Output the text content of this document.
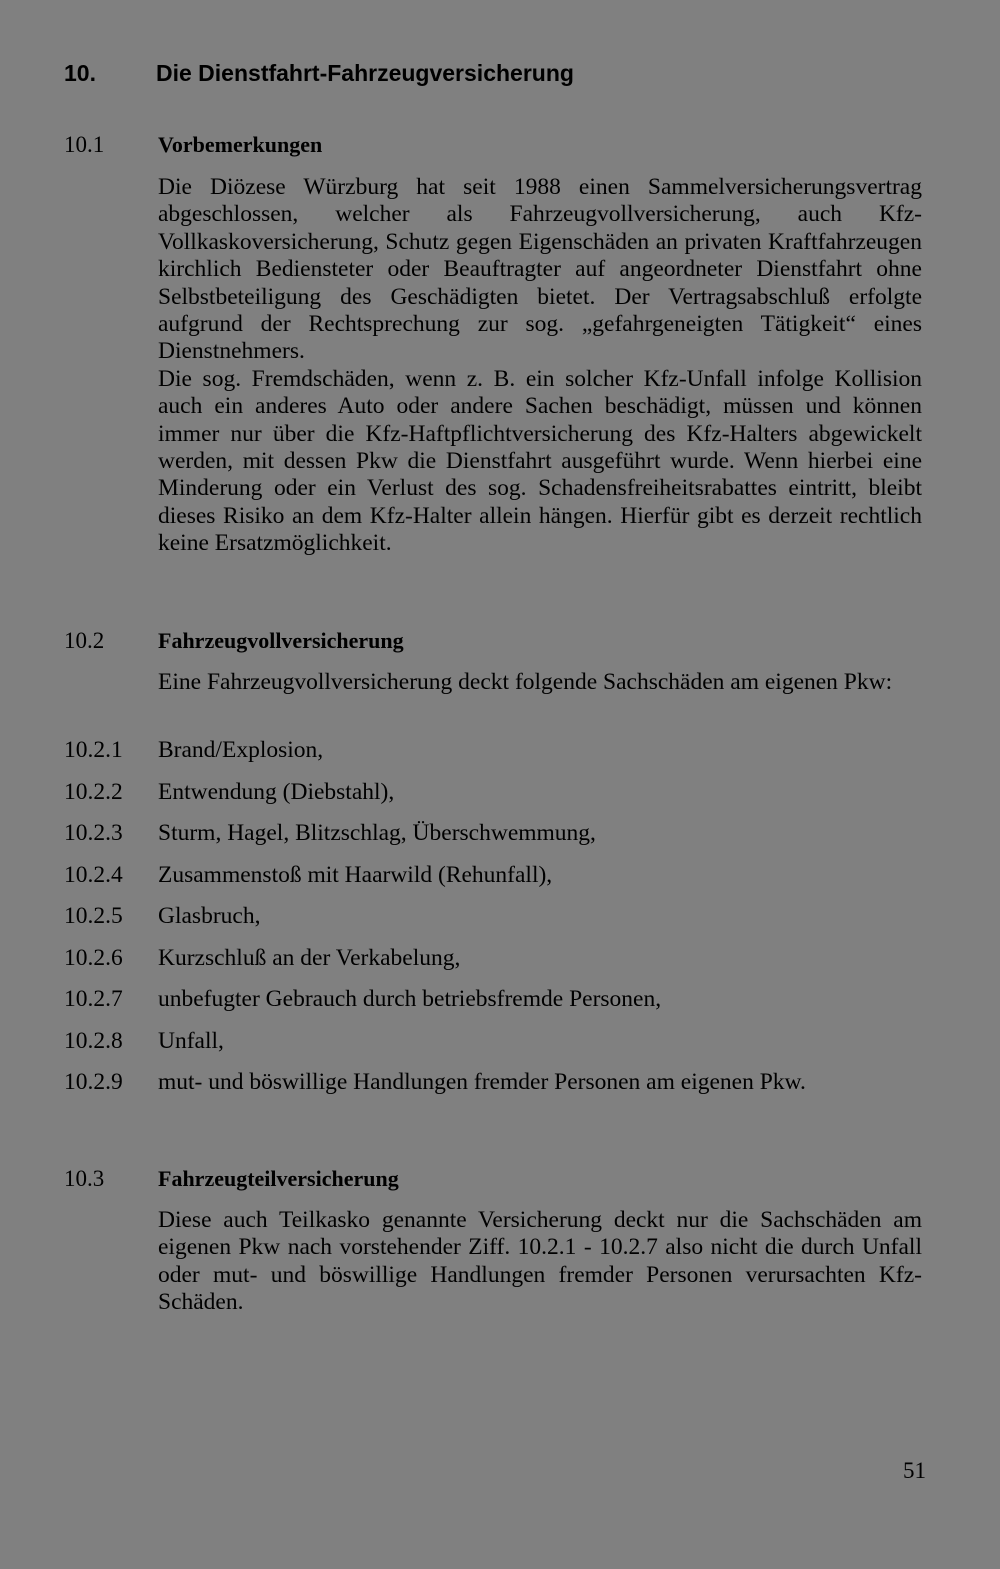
10.	Die Dienstfahrt-Fahrzeugversicherung
10.1 Vorbemerkungen

Die Diözese Würzburg hat seit 1988 einen Sammelversicherungsvertrag abgeschlossen, welcher als Fahrzeugvollversicherung, auch Kfz-Vollkaskoversicherung, Schutz gegen Eigenschäden an privaten Kraftfahrzeugen kirchlich Bediensteter oder Beauftragter auf angeordneter Dienstfahrt ohne Selbstbeteiligung des Geschädigten bietet. Der Vertragsabschluß erfolgte aufgrund der Rechtsprechung zur sog. „gefahrgeneigten Tätigkeit“ eines Dienstnehmers.

Die sog. Fremdschäden, wenn z. B. ein solcher Kfz-Unfall infolge Kollision auch ein anderes Auto oder andere Sachen beschädigt, müssen und können immer nur über die Kfz-Haftpflichtversicherung des Kfz-Halters abgewickelt werden, mit dessen Pkw die Dienstfahrt ausgeführt wurde. Wenn hierbei eine Minderung oder ein Verlust des sog. Schadensfreiheitsrabattes eintritt, bleibt dieses Risiko an dem Kfz-Halter allein hängen. Hierfür gibt es derzeit rechtlich keine Ersatzmöglichkeit.

10.2 Fahrzeugvollversicherung
Eine Fahrzeugvollversicherung deckt folgende Sachschäden am eigenen Pkw:
10.2.1 Brand/Explosion,
10.2.2 Entwendung (Diebstahl),
10.2.3 Sturm, Hagel, Blitzschlag, Überschwemmung,
10.2.4 Zusammenstoß mit Haarwild (Rehunfall),
10.2.5 Glasbruch,
10.2.6 Kurzschluß an der Verkabelung,
10.2.7 unbefugter Gebrauch durch betriebsfremde Personen,
10.2.8 Unfall,
10.2.9 mut- und böswillige Handlungen fremder Personen am eigenen Pkw.
10.3 Fahrzeugteilversicherung

Diese auch Teilkasko genannte Versicherung deckt nur die Sachschäden am eigenen Pkw nach vorstehender Ziff. 10.2.1 - 10.2.7 also nicht die durch Unfall oder mut- und böswillige Handlungen fremder Personen verursachten Kfz-Schäden.

51
